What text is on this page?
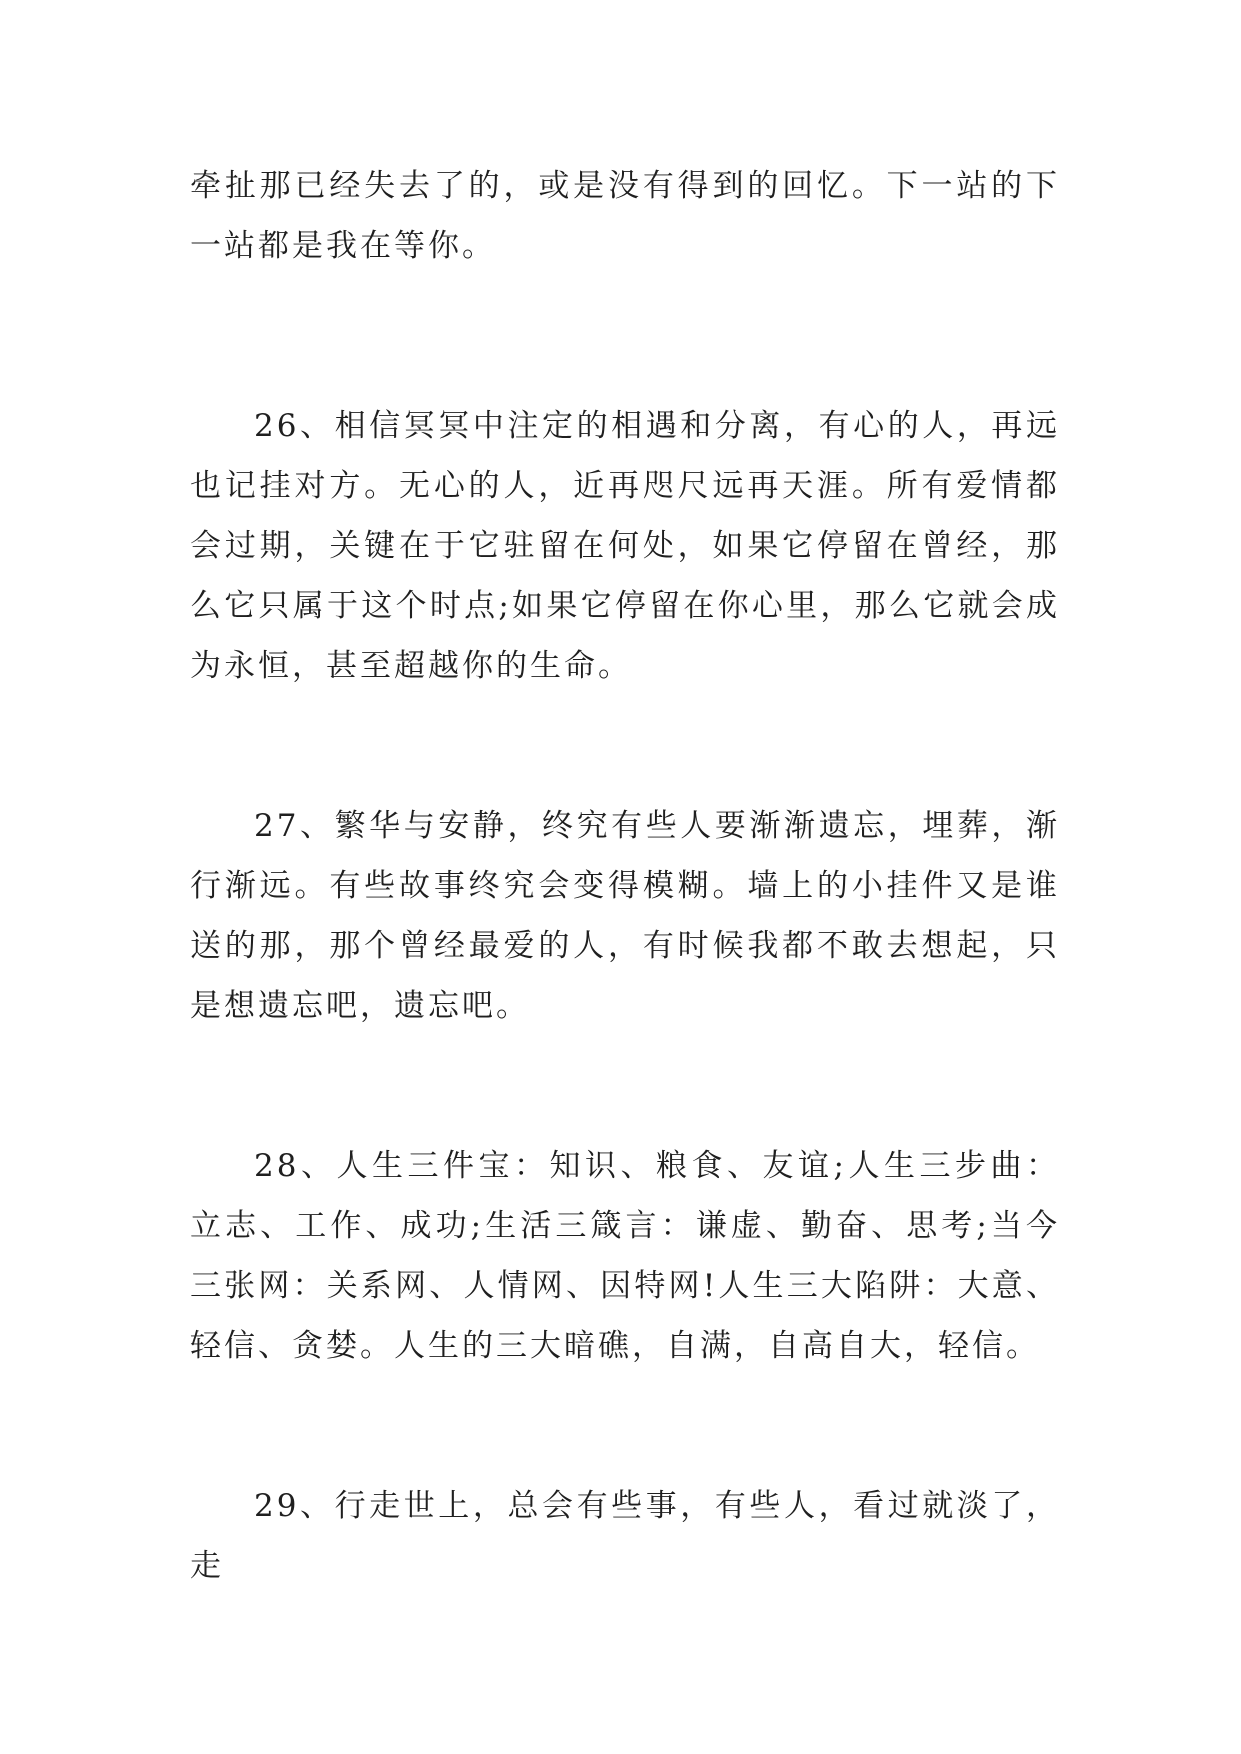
牵扯那已经失去了的，或是没有得到的回忆。下一站的下一站都是我在等你。

26、相信冥冥中注定的相遇和分离，有心的人，再远也记挂对方。无心的人，近再咫尺远再天涯。所有爱情都会过期，关键在于它驻留在何处，如果它停留在曾经，那么它只属于这个时点;如果它停留在你心里，那么它就会成为永恒，甚至超越你的生命。

27、繁华与安静，终究有些人要渐渐遗忘，埋葬，渐行渐远。有些故事终究会变得模糊。墙上的小挂件又是谁送的那，那个曾经最爱的人，有时候我都不敢去想起，只是想遗忘吧，遗忘吧。

28、人生三件宝：知识、粮食、友谊;人生三步曲：立志、工作、成功;生活三箴言：谦虚、勤奋、思考;当今三张网：关系网、人情网、因特网!人生三大陷阱：大意、轻信、贪婪。人生的三大暗礁，自满，自高自大，轻信。

29、行走世上，总会有些事，有些人，看过就淡了，走
